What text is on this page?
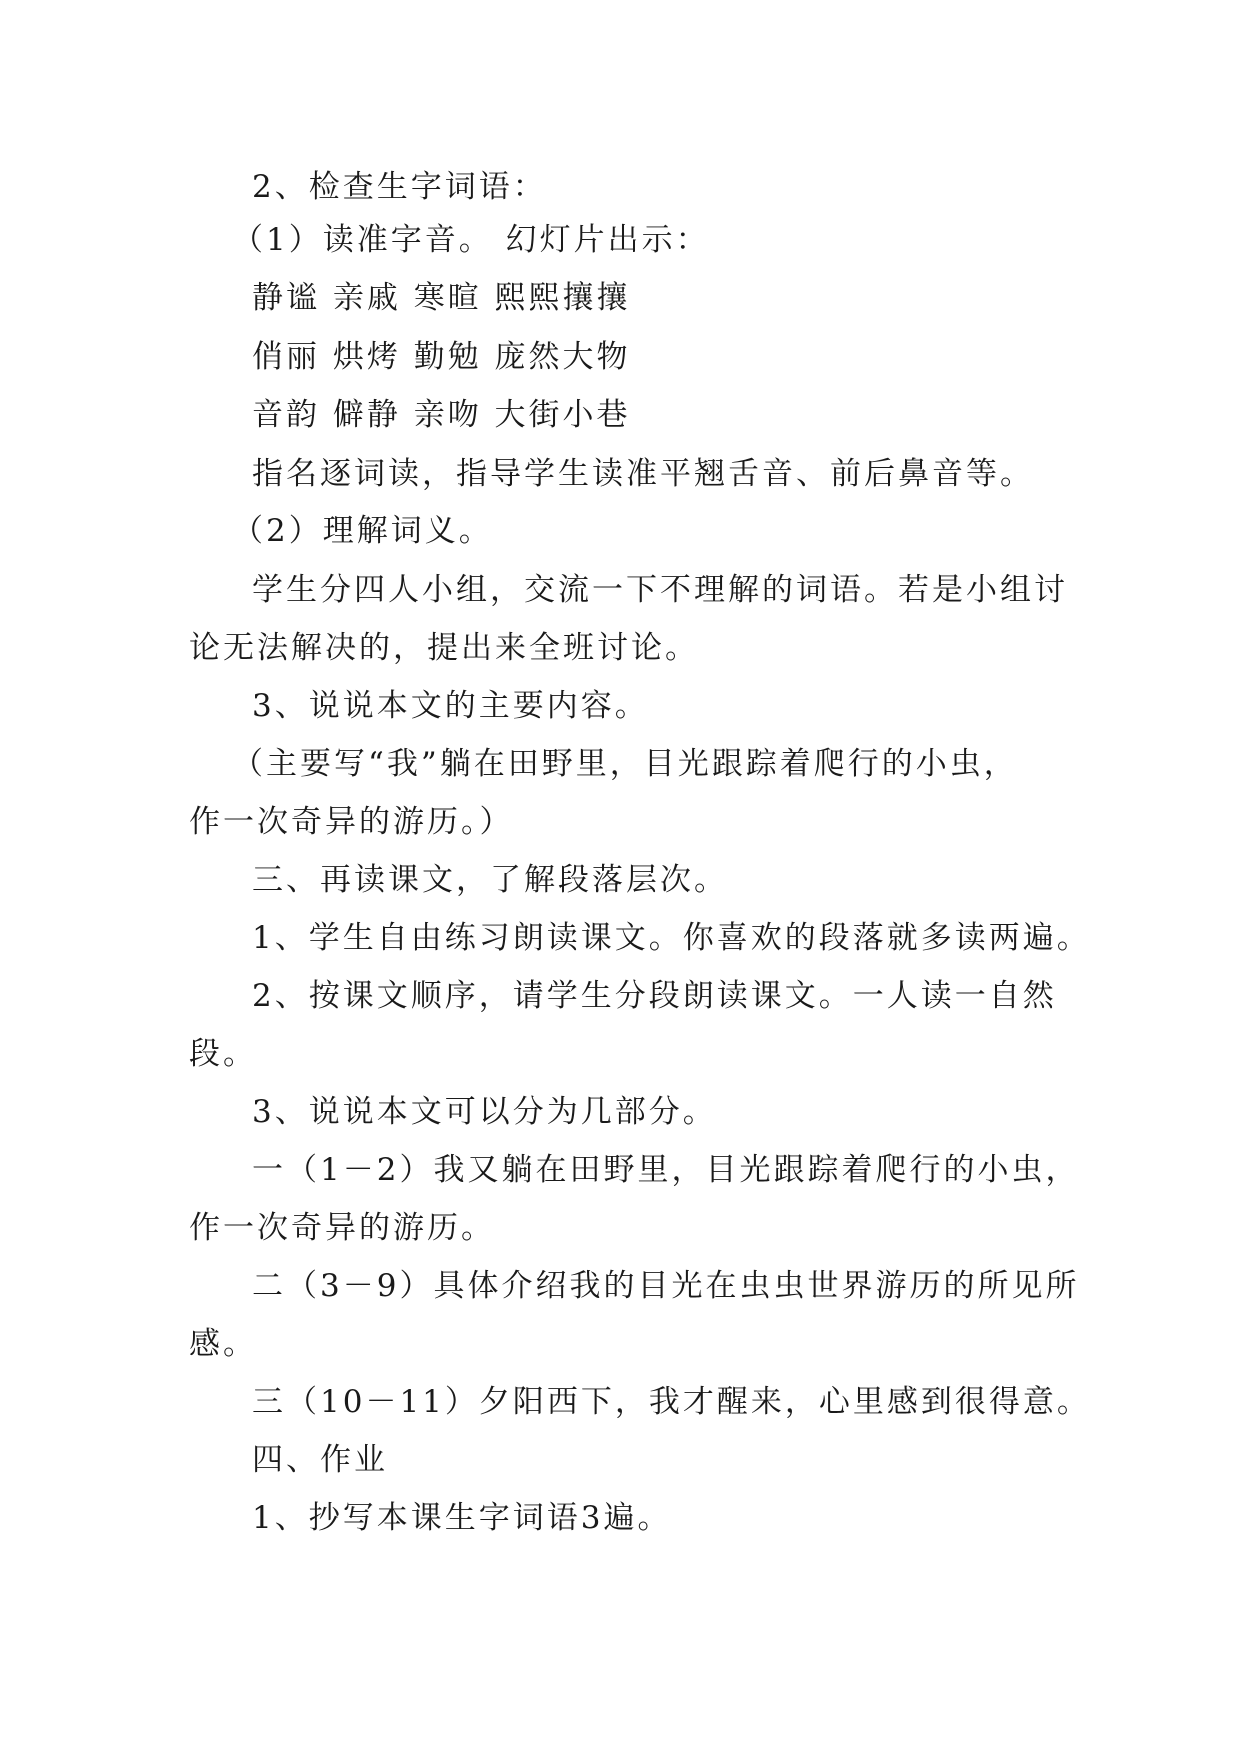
2、检查生字词语：
（1）读准字音。 幻灯片出示：
静谧 亲戚 寒暄 熙熙攘攘
俏丽 烘烤 勤勉 庞然大物
音韵 僻静 亲吻 大街小巷
指名逐词读，指导学生读准平翘舌音、前后鼻音等。
（2）理解词义。
学生分四人小组，交流一下不理解的词语。若是小组讨
论无法解决的，提出来全班讨论。
3、说说本文的主要内容。
（主要写“我”躺在田野里，目光跟踪着爬行的小虫，
作一次奇异的游历。）
三、再读课文，了解段落层次。
1、学生自由练习朗读课文。你喜欢的段落就多读两遍。
2、按课文顺序，请学生分段朗读课文。一人读一自然
段。
3、说说本文可以分为几部分。
一（1－2）我又躺在田野里，目光跟踪着爬行的小虫，
作一次奇异的游历。
二（3－9）具体介绍我的目光在虫虫世界游历的所见所
感。
三（10－11）夕阳西下，我才醒来，心里感到很得意。
四、作业
1、抄写本课生字词语3遍。
